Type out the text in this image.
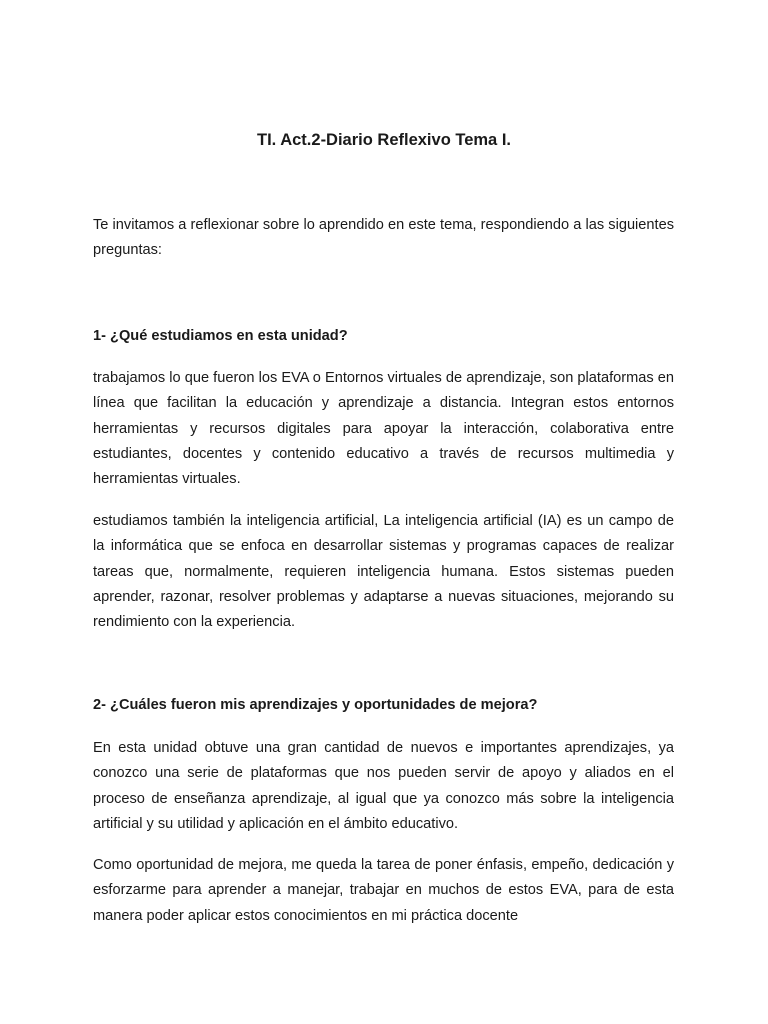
TI. Act.2-Diario Reflexivo Tema I.

Te invitamos a reflexionar sobre lo aprendido en este tema, respondiendo a las siguientes preguntas:

1- ¿Qué estudiamos en esta unidad?

trabajamos lo que fueron los EVA o Entornos virtuales de aprendizaje, son plataformas en línea que facilitan la educación y aprendizaje a distancia. Integran estos entornos herramientas y recursos digitales para apoyar la interacción, colaborativa entre estudiantes, docentes y contenido educativo a través de recursos multimedia y herramientas virtuales.

estudiamos también la inteligencia artificial, La inteligencia artificial (IA) es un campo de la informática que se enfoca en desarrollar sistemas y programas capaces de realizar tareas que, normalmente, requieren inteligencia humana. Estos sistemas pueden aprender, razonar, resolver problemas y adaptarse a nuevas situaciones, mejorando su rendimiento con la experiencia.

2- ¿Cuáles fueron mis aprendizajes y oportunidades de mejora?

En esta unidad obtuve una gran cantidad de nuevos e importantes aprendizajes, ya conozco una serie de plataformas que nos pueden servir de apoyo y aliados en el proceso de enseñanza aprendizaje, al igual que ya conozco más sobre la inteligencia artificial y su utilidad y aplicación en el ámbito educativo.

Como oportunidad de mejora, me queda la tarea de poner énfasis, empeño, dedicación y esforzarme para aprender a manejar, trabajar en muchos de estos EVA, para de esta manera poder aplicar estos conocimientos en mi práctica docente
